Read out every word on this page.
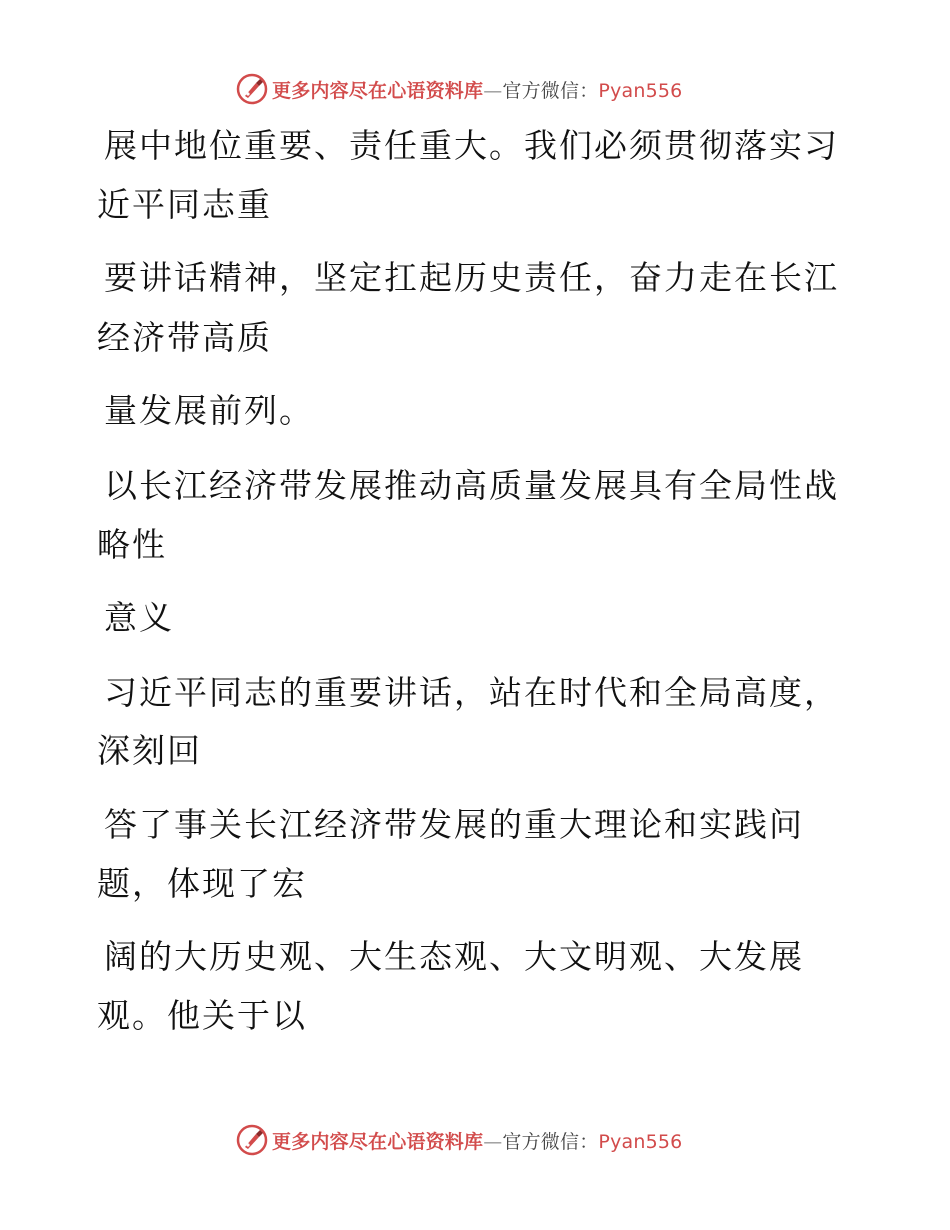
更多内容尽在心语资料库—官方微信：Pyan556
展中地位重要、责任重大。我们必须贯彻落实习
近平同志重
要讲话精神，坚定扛起历史责任，奋力走在长江
经济带高质
量发展前列。
以长江经济带发展推动高质量发展具有全局性战
略性
意义
习近平同志的重要讲话，站在时代和全局高度，
深刻回
答了事关长江经济带发展的重大理论和实践问
题，体现了宏
阔的大历史观、大生态观、大文明观、大发展
观。他关于以
更多内容尽在心语资料库—官方微信：Pyan556
